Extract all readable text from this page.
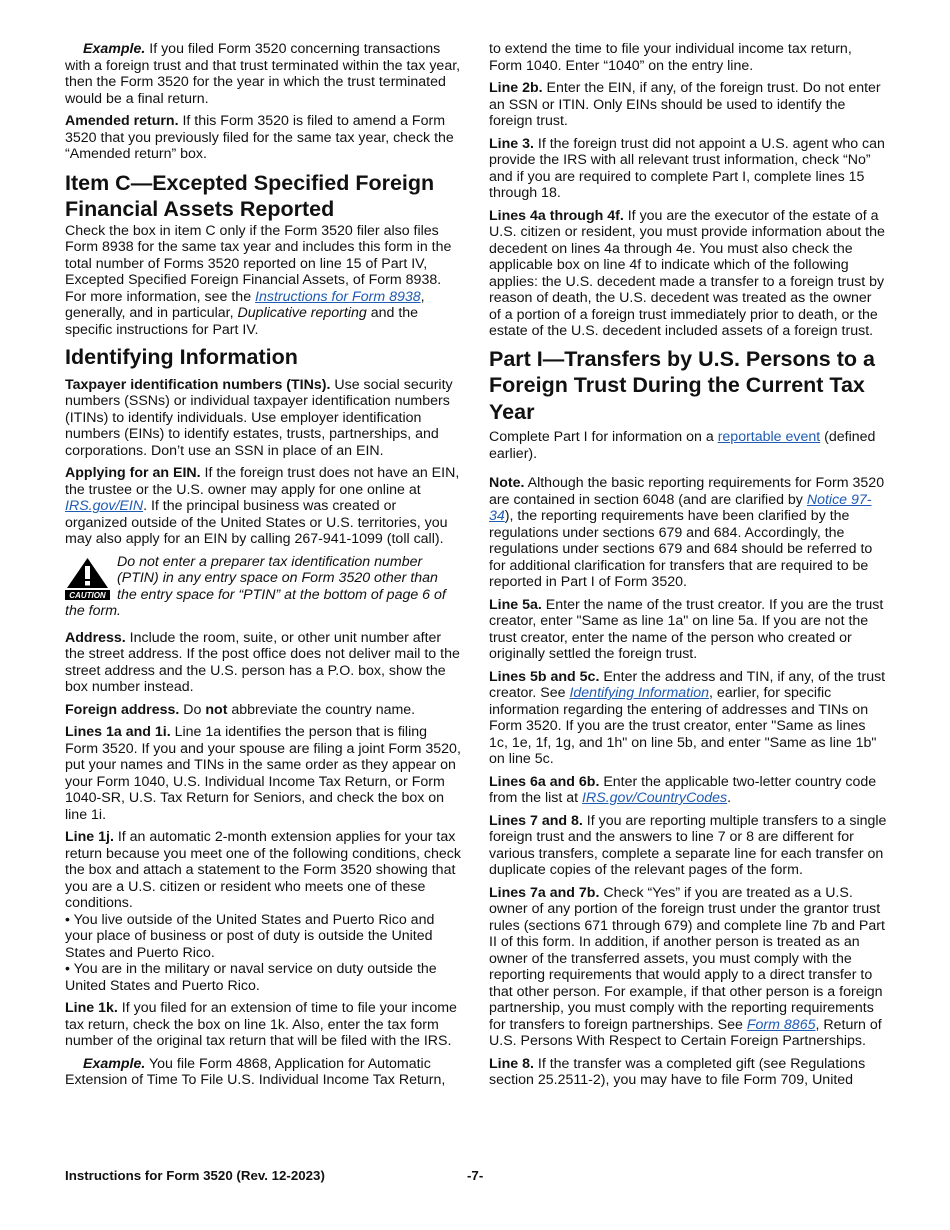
Example. If you filed Form 3520 concerning transactions with a foreign trust and that trust terminated within the tax year, then the Form 3520 for the year in which the trust terminated would be a final return.

Amended return. If this Form 3520 is filed to amend a Form 3520 that you previously filed for the same tax year, check the “Amended return” box.

Item C—Excepted Specified Foreign Financial Assets Reported

Check the box in item C only if the Form 3520 filer also files Form 8938 for the same tax year and includes this form in the total number of Forms 3520 reported on line 15 of Part IV, Excepted Specified Foreign Financial Assets, of Form 8938. For more information, see the Instructions for Form 8938, generally, and in particular, Duplicative reporting and the specific instructions for Part IV.

Identifying Information

Taxpayer identification numbers (TINs). Use social security numbers (SSNs) or individual taxpayer identification numbers (ITINs) to identify individuals. Use employer identification numbers (EINs) to identify estates, trusts, partnerships, and corporations. Don’t use an SSN in place of an EIN.

Applying for an EIN. If the foreign trust does not have an EIN, the trustee or the U.S. owner may apply for one online at IRS.gov/EIN. If the principal business was created or organized outside of the United States or U.S. territories, you may also apply for an EIN by calling 267-941-1099 (toll call).

CAUTION
Do not enter a preparer tax identification number (PTIN) in any entry space on Form 3520 other than the entry space for “PTIN” at the bottom of page 6 of
the form.

Address. Include the room, suite, or other unit number after the street address. If the post office does not deliver mail to the street address and the U.S. person has a P.O. box, show the box number instead.

Foreign address. Do not abbreviate the country name.

Lines 1a and 1i. Line 1a identifies the person that is filing Form 3520. If you and your spouse are filing a joint Form 3520, put your names and TINs in the same order as they appear on your Form 1040, U.S. Individual Income Tax Return, or Form 1040-SR, U.S. Tax Return for Seniors, and check the box on line 1i.

Line 1j. If an automatic 2-month extension applies for your tax return because you meet one of the following conditions, check the box and attach a statement to the Form 3520 showing that you are a U.S. citizen or resident who meets one of these conditions.

• You live outside of the United States and Puerto Rico and your place of business or post of duty is outside the United States and Puerto Rico.

• You are in the military or naval service on duty outside the United States and Puerto Rico.

Line 1k. If you filed for an extension of time to file your income tax return, check the box on line 1k. Also, enter the tax form number of the original tax return that will be filed with the IRS.

Example. You file Form 4868, Application for Automatic Extension of Time To File U.S. Individual Income Tax Return,

to extend the time to file your individual income tax return, Form 1040. Enter “1040” on the entry line.

Line 2b. Enter the EIN, if any, of the foreign trust. Do not enter an SSN or ITIN. Only EINs should be used to identify the foreign trust.

Line 3. If the foreign trust did not appoint a U.S. agent who can provide the IRS with all relevant trust information, check “No” and if you are required to complete Part I, complete lines 15 through 18.

Lines 4a through 4f. If you are the executor of the estate of a U.S. citizen or resident, you must provide information about the decedent on lines 4a through 4e. You must also check the applicable box on line 4f to indicate which of the following applies: the U.S. decedent made a transfer to a foreign trust by reason of death, the U.S. decedent was treated as the owner of a portion of a foreign trust immediately prior to death, or the estate of the U.S. decedent included assets of a foreign trust.

Part I—Transfers by U.S. Persons to a Foreign Trust During the Current Tax Year

Complete Part I for information on a reportable event (defined earlier).

Note. Although the basic reporting requirements for Form 3520 are contained in section 6048 (and are clarified by Notice 97-34), the reporting requirements have been clarified by the regulations under sections 679 and 684. Accordingly, the regulations under sections 679 and 684 should be referred to for additional clarification for transfers that are required to be reported in Part I of Form 3520.

Line 5a. Enter the name of the trust creator. If you are the trust creator, enter "Same as line 1a" on line 5a. If you are not the trust creator, enter the name of the person who created or originally settled the foreign trust.

Lines 5b and 5c. Enter the address and TIN, if any, of the trust creator. See Identifying Information, earlier, for specific information regarding the entering of addresses and TINs on Form 3520. If you are the trust creator, enter "Same as lines 1c, 1e, 1f, 1g, and 1h" on line 5b, and enter "Same as line 1b" on line 5c.

Lines 6a and 6b. Enter the applicable two-letter country code from the list at IRS.gov/CountryCodes.

Lines 7 and 8. If you are reporting multiple transfers to a single foreign trust and the answers to line 7 or 8 are different for various transfers, complete a separate line for each transfer on duplicate copies of the relevant pages of the form.

Lines 7a and 7b. Check “Yes” if you are treated as a U.S. owner of any portion of the foreign trust under the grantor trust rules (sections 671 through 679) and complete line 7b and Part II of this form. In addition, if another person is treated as an owner of the transferred assets, you must comply with the reporting requirements that would apply to a direct transfer to that other person. For example, if that other person is a foreign partnership, you must comply with the reporting requirements for transfers to foreign partnerships. See Form 8865, Return of U.S. Persons With Respect to Certain Foreign Partnerships.

Line 8. If the transfer was a completed gift (see Regulations section 25.2511-2), you may have to file Form 709, United

Instructions for Form 3520 (Rev. 12-2023)	-7-
